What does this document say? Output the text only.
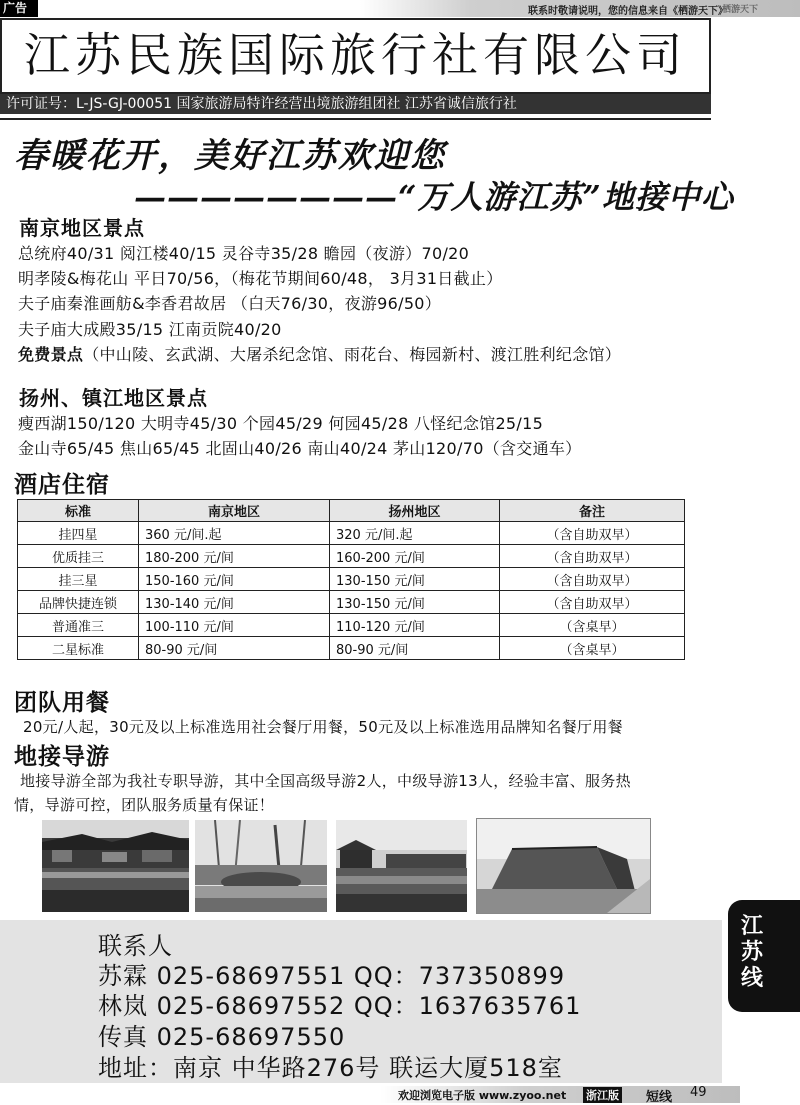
广告	联系时敬请说明，您的信息来自《栖游天下》
栖游天下
江苏民族国际旅行社有限公司
许可证号：L-JS-GJ-00051 国家旅游局特许经营出境旅游组团社 江苏省诚信旅行社
春暖花开，美好江苏欢迎您
————————“万人游江苏”地接中心
南京地区景点
总统府40/31 阅江楼40/15 灵谷寺35/28 瞻园（夜游）70/20
明孝陵&梅花山 平日70/56，（梅花节期间60/48， 3月31日截止）
夫子庙秦淮画舫&李香君故居 （白天76/30，夜游96/50）
夫子庙大成殿35/15 江南贡院40/20
免费景点（中山陵、玄武湖、大屠杀纪念馆、雨花台、梅园新村、渡江胜利纪念馆）
扬州、镇江地区景点
瘦西湖150/120 大明寺45/30 个园45/29 何园45/28 八怪纪念馆25/15
金山寺65/45 焦山65/45 北固山40/26 南山40/24 茅山120/70（含交通车）
酒店住宿
标准	南京地区	扬州地区	备注
挂四星	360 元/间.起	320 元/间.起	（含自助双早）
优质挂三	180-200 元/间	160-200 元/间	（含自助双早）
挂三星	150-160 元/间	130-150 元/间	（含自助双早）
品牌快捷连锁	130-140 元/间	130-150 元/间	（含自助双早）
普通准三	100-110 元/间	110-120 元/间	（含桌早）
二星标准	80-90 元/间	80-90 元/间	（含桌早）
团队用餐
20元/人起，30元及以上标准选用社会餐厅用餐，50元及以上标准选用品牌知名餐厅用餐
地接导游
地接导游全部为我社专职导游，其中全国高级导游2人，中级导游13人，经验丰富、服务热
情，导游可控，团队服务质量有保证！
联系人
苏霖 025-68697551 QQ：737350899
林岚 025-68697552 QQ：1637635761
传真 025-68697550
地址：南京 中华路276号 联运大厦518室
江苏线
欢迎浏览电子版 www.zyoo.net 浙江版 短线 49
